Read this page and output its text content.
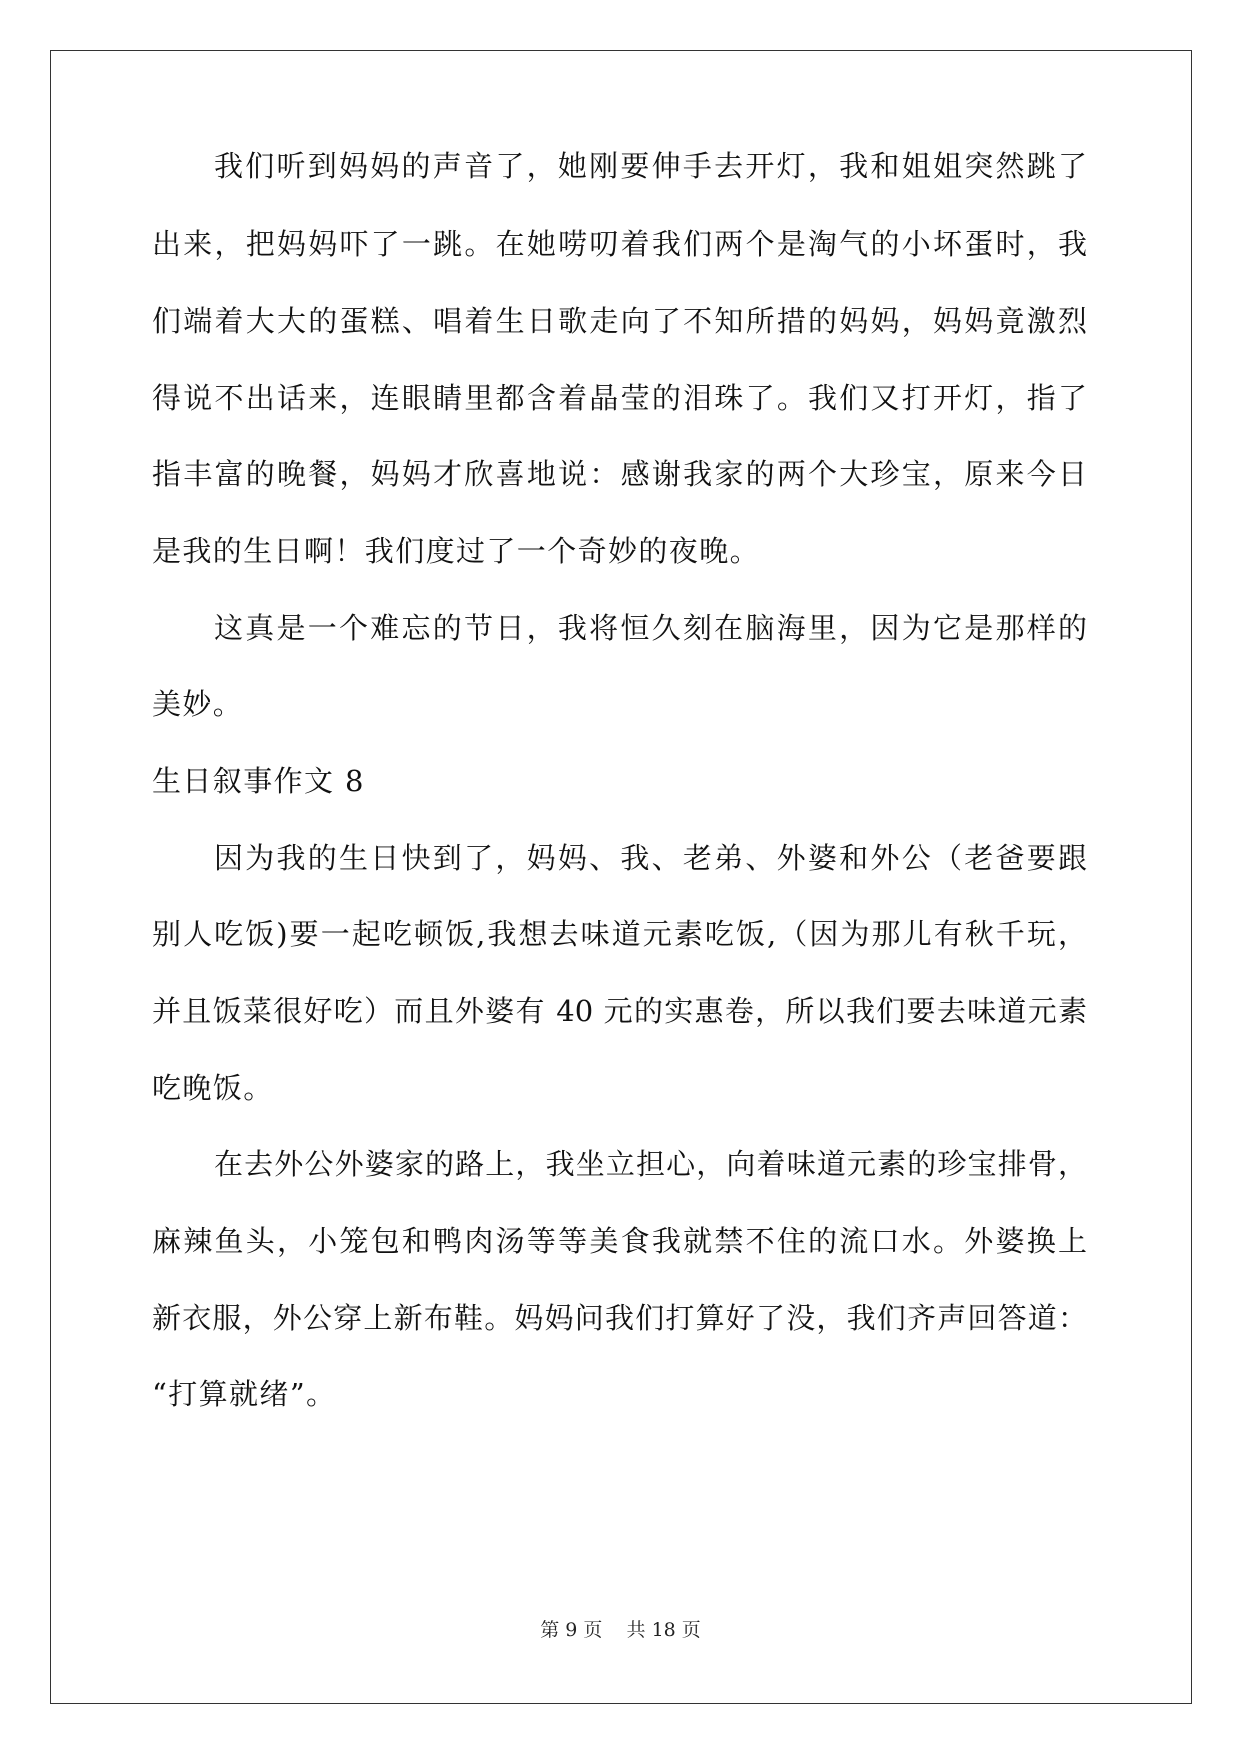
我们听到妈妈的声音了，她刚要伸手去开灯，我和姐姐突然跳了
出来，把妈妈吓了一跳。在她唠叨着我们两个是淘气的小坏蛋时，我
们端着大大的蛋糕、唱着生日歌走向了不知所措的妈妈，妈妈竟激烈
得说不出话来，连眼睛里都含着晶莹的泪珠了。我们又打开灯，指了
指丰富的晚餐，妈妈才欣喜地说：感谢我家的两个大珍宝，原来今日
是我的生日啊！我们度过了一个奇妙的夜晚。
这真是一个难忘的节日，我将恒久刻在脑海里，因为它是那样的
美妙。
生日叙事作文 8
因为我的生日快到了，妈妈、我、老弟、外婆和外公（老爸要跟
别人吃饭)要一起吃顿饭,我想去味道元素吃饭,（因为那儿有秋千玩，
并且饭菜很好吃）而且外婆有 40 元的实惠卷，所以我们要去味道元素
吃晚饭。
在去外公外婆家的路上，我坐立担心，向着味道元素的珍宝排骨，
麻辣鱼头，小笼包和鸭肉汤等等美食我就禁不住的流口水。外婆换上
新衣服，外公穿上新布鞋。妈妈问我们打算好了没，我们齐声回答道：
“打算就绪”。
第 9 页 共 18 页
